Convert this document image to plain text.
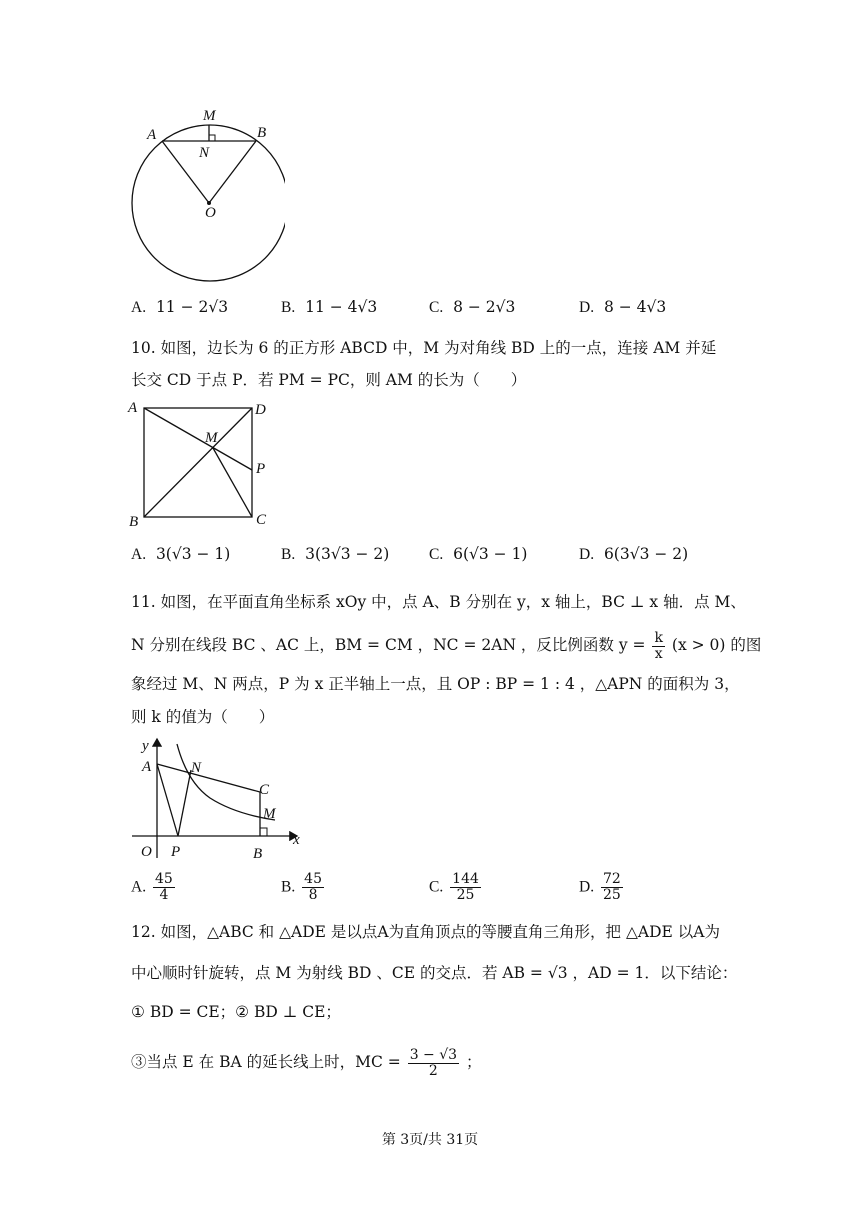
M
A	B
N
O
A. 11 − 2√3	B. 11 − 4√3	C. 8 − 2√3	D. 8 − 4√3
10. 如图，边长为 6 的正方形 ABCD 中，M 为对角线 BD 上的一点，连接 AM 并延
长交 CD 于点 P．若 PM = PC，则 AM 的长为（　　）
A	D
M
P
B	C
A. 3(√3 − 1)	B. 3(3√3 − 2)	C. 6(√3 − 1)	D. 6(3√3 − 2)
11. 如图，在平面直角坐标系 xOy 中，点 A、B 分别在 y，x 轴上，BC ⊥ x 轴．点 M、
N 分别在线段 BC 、AC 上，BM = CM ，NC = 2AN ，反比例函数 $y = \frac{k}{x} (x > 0)$ 的图
象经过 M、N 两点，P 为 x 正半轴上一点，且 OP : BP = 1 : 4 ，△APN 的面积为 3，
则 k 的值为（　　）
y
A	N
C
M
O P	B
x
A. $\frac{45}{4}$	B. $\frac{45}{8}$	C. $\frac{144}{25}$	D. $\frac{72}{25}$
12. 如图，△ABC 和 △ADE 是以点A为直角顶点的等腰直角三角形，把 △ADE 以A为
中心顺时针旋转，点 M 为射线 BD 、CE 的交点．若 AB = √3 ，AD = 1．以下结论：
① BD = CE；② BD ⊥ CE；
③当点 E 在 BA 的延长线上时，MC = $\frac{3 - √3}{2}$ ；
第 3页/共 31页
